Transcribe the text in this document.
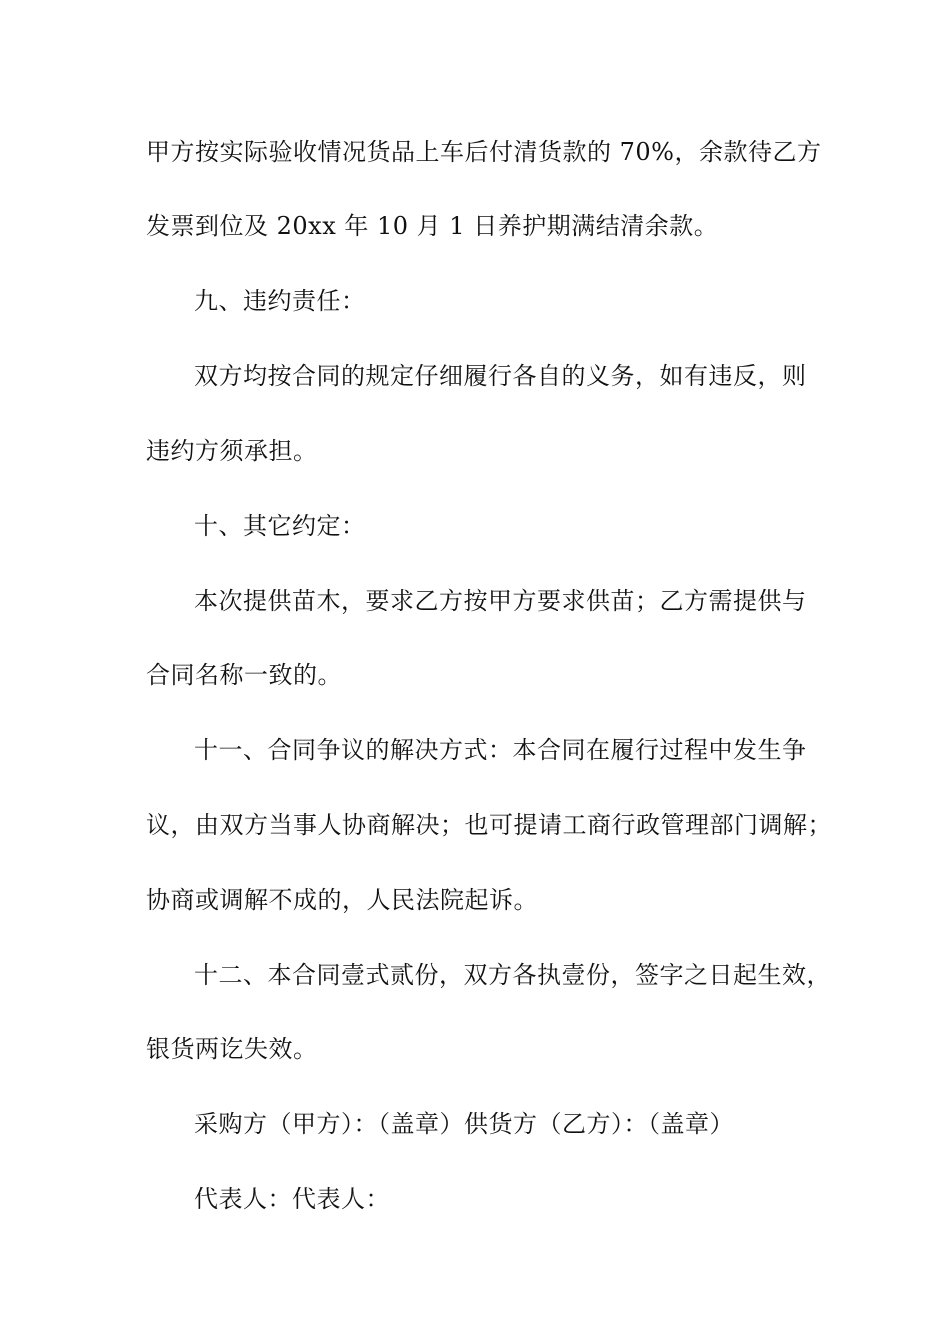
甲方按实际验收情况货品上车后付清货款的 70%，余款待乙方
发票到位及 20xx 年 10 月 1 日养护期满结清余款。
九、违约责任：
双方均按合同的规定仔细履行各自的义务，如有违反，则
违约方须承担。
十、其它约定：
本次提供苗木，要求乙方按甲方要求供苗；乙方需提供与
合同名称一致的。
十一、合同争议的解决方式：本合同在履行过程中发生争
议，由双方当事人协商解决；也可提请工商行政管理部门调解；
协商或调解不成的，人民法院起诉。
十二、本合同壹式贰份，双方各执壹份，签字之日起生效，
银货两讫失效。
采购方（甲方）：（盖章）供货方（乙方）：（盖章）
代表人：代表人：
